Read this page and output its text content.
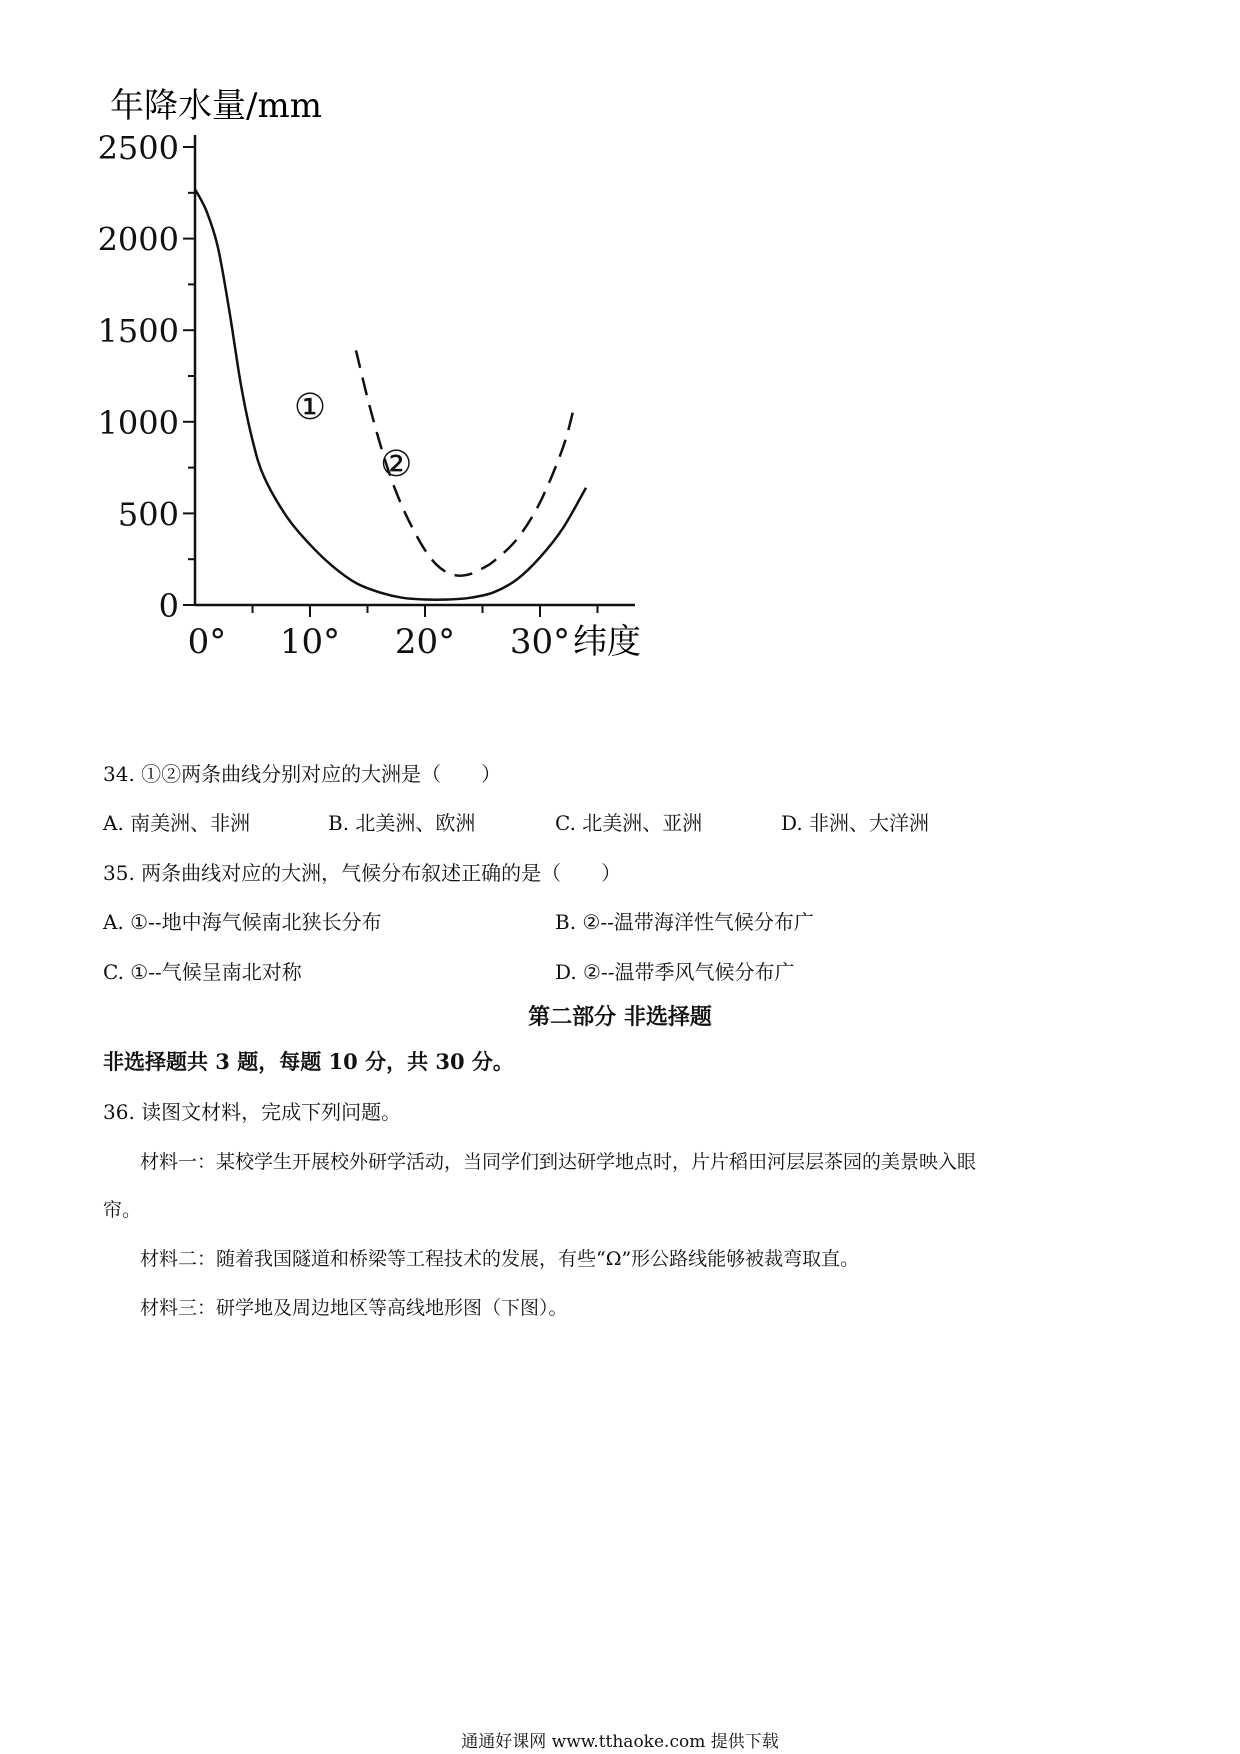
0
500
1000
1500
2000
2500
0° 10° 20° 30°
①
②
年降水量/mm
纬度
34. ①②两条曲线分别对应的大洲是（　　）
A. 南美洲、非洲	B. 北美洲、欧洲	C. 北美洲、亚洲	D. 非洲、大洋洲
35. 两条曲线对应的大洲，气候分布叙述正确的是（　　）
A. ①--地中海气候南北狭长分布	B. ②--温带海洋性气候分布广
C. ①--气候呈南北对称	D. ②--温带季风气候分布广
第二部分 非选择题
非选择题共 3 题，每题 10 分，共 30 分。
36. 读图文材料，完成下列问题。
材料一：某校学生开展校外研学活动，当同学们到达研学地点时，片片稻田河层层茶园的美景映入眼
帘。
材料二：随着我国隧道和桥梁等工程技术的发展，有些“Ω”形公路线能够被裁弯取直。
材料三：研学地及周边地区等高线地形图（下图）。
通通好课网 www.tthaoke.com 提供下载
